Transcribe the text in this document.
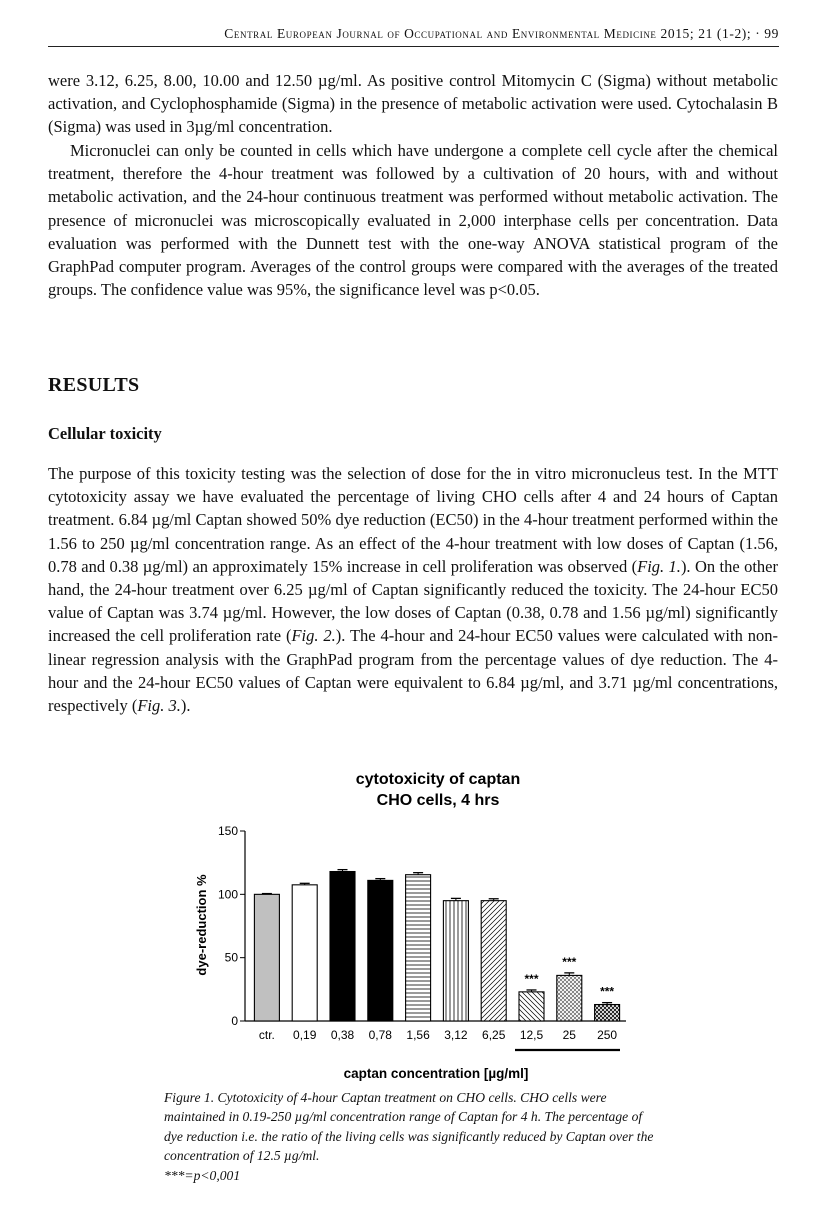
Central European Journal of Occupational and Environmental Medicine 2015; 21 (1-2); · 99

were 3.12, 6.25, 8.00, 10.00 and 12.50 µg/ml. As positive control Mitomycin C (Sigma) without metabolic activation, and Cyclophosphamide (Sigma) in the presence of metabolic activation were used. Cytochalasin B (Sigma) was used in 3µg/ml concentration.

Micronuclei can only be counted in cells which have undergone a complete cell cycle after the chemical treatment, therefore the 4-hour treatment was followed by a cultivation of 20 hours, with and without metabolic activation, and the 24-hour continuous treatment was performed without metabolic activation. The presence of micronuclei was microscopically evaluated in 2,000 interphase cells per concentration. Data evaluation was performed with the Dunnett test with the one-way ANOVA statistical program of the GraphPad computer program. Averages of the control groups were compared with the averages of the treated groups. The confidence value was 95%, the significance level was p<0.05.

RESULTS
Cellular toxicity

The purpose of this toxicity testing was the selection of dose for the in vitro micronucleus test. In the MTT cytotoxicity assay we have evaluated the percentage of living CHO cells after 4 and 24 hours of Captan treatment. 6.84 µg/ml Captan showed 50% dye reduction (EC50) in the 4-hour treatment performed within the 1.56 to 250 µg/ml concentration range. As an effect of the 4-hour treatment with low doses of Captan (1.56, 0.78 and 0.38 µg/ml) an approximately 15% increase in cell proliferation was observed (Fig. 1.). On the other hand, the 24-hour treatment over 6.25 µg/ml of Captan significantly reduced the toxicity. The 24-hour EC50 value of Captan was 3.74 µg/ml. However, the low doses of Captan (0.38, 0.78 and 1.56 µg/ml) significantly increased the cell proliferation rate (Fig. 2.). The 4-hour and 24-hour EC50 values were calculated with non-linear regression analysis with the GraphPad program from the percentage values of dye reduction. The 4-hour and the 24-hour EC50 values of Captan were equivalent to 6.84 µg/ml, and 3.71 µg/ml concentrations, respectively (Fig. 3.).

cytotoxicity of captan
CHO cells, 4 hrs
0
50
100
150
ctr. 0,19 0,38 0,78 1,56 3,12 6,25 12,5
***
25
***
250
***
dye-reduction %
captan concentration [µg/ml]

Figure 1. Cytotoxicity of 4-hour Captan treatment on CHO cells. CHO cells were maintained in 0.19-250 µg/ml concentration range of Captan for 4 h. The percentage of dye reduction i.e. the ratio of the living cells was significantly reduced by Captan over the concentration of 12.5 µg/ml.
***=p<0,001
